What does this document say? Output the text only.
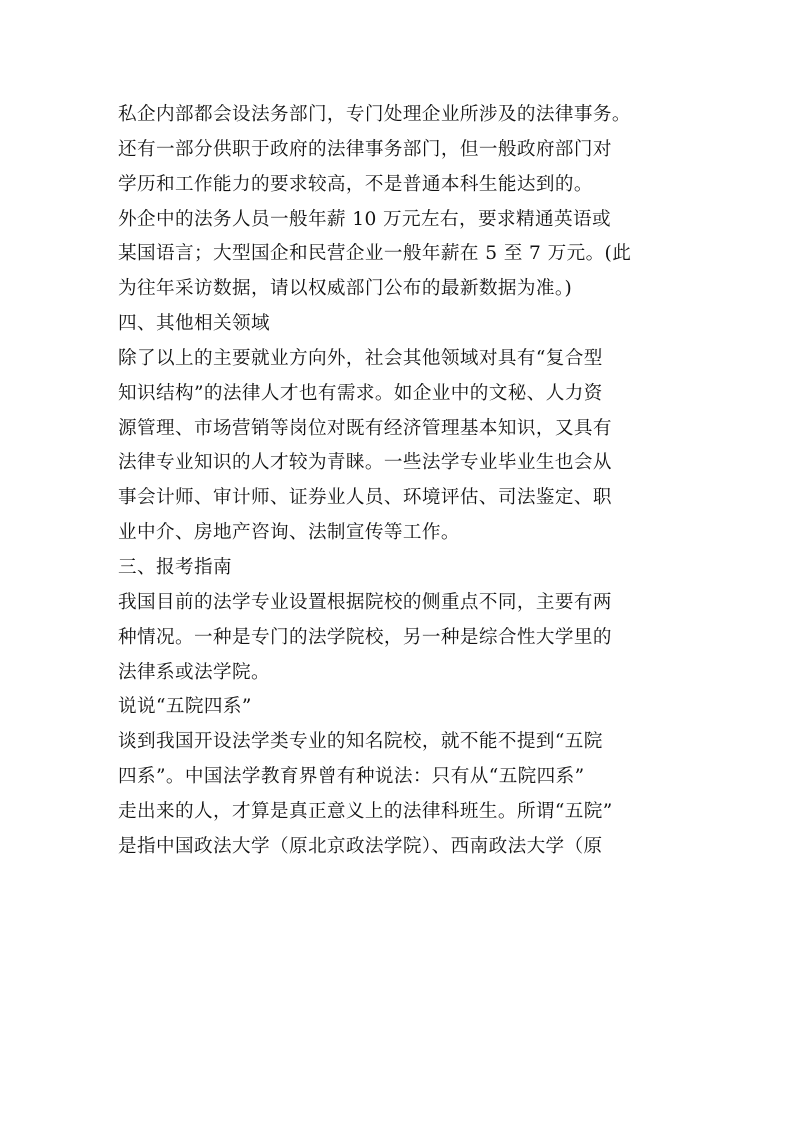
私企内部都会设法务部门，专门处理企业所涉及的法律事务。
还有一部分供职于政府的法律事务部门，但一般政府部门对
学历和工作能力的要求较高，不是普通本科生能达到的。
外企中的法务人员一般年薪 10 万元左右，要求精通英语或
某国语言；大型国企和民营企业一般年薪在 5 至 7 万元。(此
为往年采访数据，请以权威部门公布的最新数据为准。)
四、其他相关领域
除了以上的主要就业方向外，社会其他领域对具有“复合型
知识结构”的法律人才也有需求。如企业中的文秘、人力资
源管理、市场营销等岗位对既有经济管理基本知识，又具有
法律专业知识的人才较为青睐。一些法学专业毕业生也会从
事会计师、审计师、证券业人员、环境评估、司法鉴定、职
业中介、房地产咨询、法制宣传等工作。
三、报考指南
我国目前的法学专业设置根据院校的侧重点不同，主要有两
种情况。一种是专门的法学院校，另一种是综合性大学里的
法律系或法学院。
说说“五院四系”
谈到我国开设法学类专业的知名院校，就不能不提到“五院
四系”。中国法学教育界曾有种说法：只有从“五院四系”
走出来的人，才算是真正意义上的法律科班生。所谓“五院”
是指中国政法大学（原北京政法学院）、西南政法大学（原
